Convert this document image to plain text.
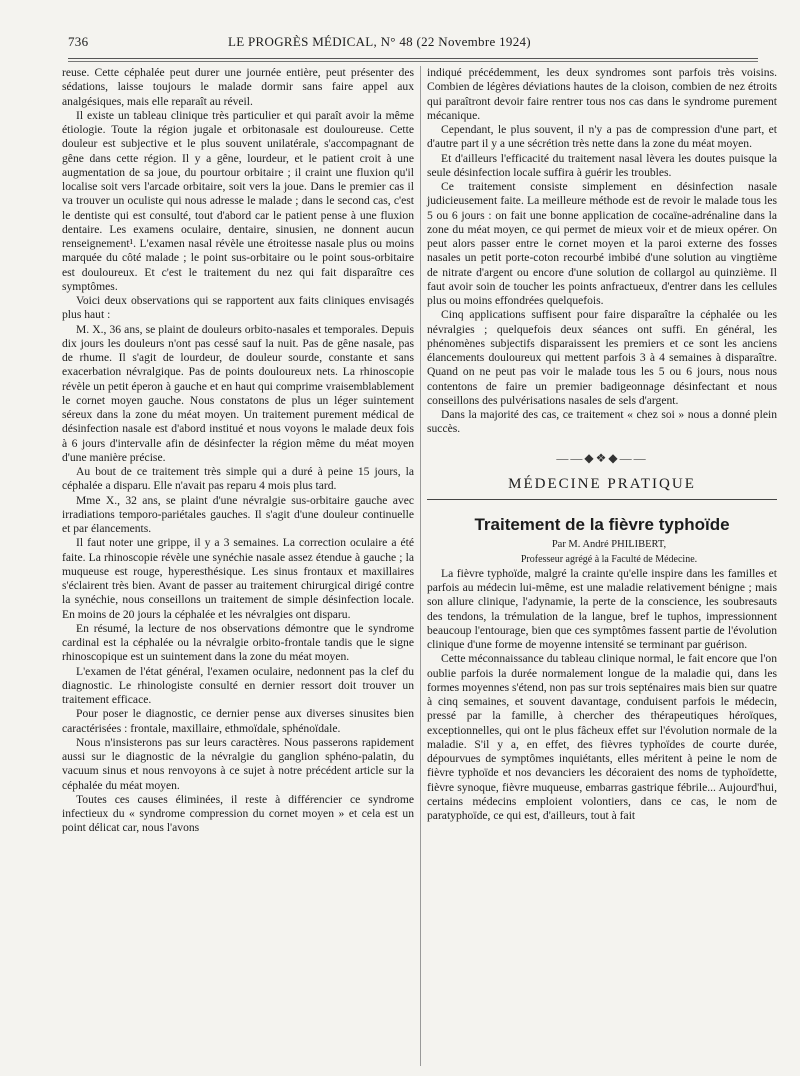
736	LE PROGRÈS MÉDICAL, N° 48 (22 Novembre 1924)

reuse. Cette céphalée peut durer une journée entière, peut présenter des sédations, laisse toujours le malade dormir sans faire appel aux analgésiques, mais elle reparaît au réveil.

Il existe un tableau clinique très particulier et qui paraît avoir la même étiologie. Toute la région jugale et orbitonasale est douloureuse. Cette douleur est subjective et le plus souvent unilatérale, s'accompagnant de gêne dans cette région. Il y a gêne, lourdeur, et le patient croit à une augmentation de sa joue, du pourtour orbitaire ; il craint une fluxion qu'il localise soit vers l'arcade orbitaire, soit vers la joue. Dans le premier cas il va trouver un oculiste qui nous adresse le malade ; dans le second cas, c'est le dentiste qui est consulté, tout d'abord car le patient pense à une fluxion dentaire. Les examens oculaire, dentaire, sinusien, ne donnent aucun renseignement¹. L'examen nasal révèle une étroitesse nasale plus ou moins marquée du côté malade ; le point sus-orbitaire ou le point sous-orbitaire est douloureux. Et c'est le traitement du nez qui fait disparaître ces symptômes.

Voici deux observations qui se rapportent aux faits cliniques envisagés plus haut :

M. X., 36 ans, se plaint de douleurs orbito-nasales et temporales. Depuis dix jours les douleurs n'ont pas cessé sauf la nuit. Pas de gêne nasale, pas de rhume. Il s'agit de lourdeur, de douleur sourde, constante et sans exacerbation névralgique. Pas de points douloureux nets. La rhinoscopie révèle un petit éperon à gauche et en haut qui comprime vraisemblablement le cornet moyen gauche. Nous constatons de plus un léger suintement séreux dans la zone du méat moyen. Un traitement purement médical de désinfection nasale est d'abord institué et nous voyons le malade deux fois à 6 jours d'intervalle afin de désinfecter la région même du méat moyen d'une manière précise.

Au bout de ce traitement très simple qui a duré à peine 15 jours, la céphalée a disparu. Elle n'avait pas reparu 4 mois plus tard.

Mme X., 32 ans, se plaint d'une névralgie sus-orbitaire gauche avec irradiations temporo-pariétales gauches. Il s'agit d'une douleur continuelle et par élancements.

Il faut noter une grippe, il y a 3 semaines. La correction oculaire a été faite. La rhinoscopie révèle une synéchie nasale assez étendue à gauche ; la muqueuse est rouge, hyperesthésique. Les sinus frontaux et maxillaires s'éclairent très bien. Avant de passer au traitement chirurgical dirigé contre la synéchie, nous conseillons un traitement de simple désinfection locale. En moins de 20 jours la céphalée et les névralgies ont disparu.

En résumé, la lecture de nos observations démontre que le syndrome cardinal est la céphalée ou la névralgie orbito-frontale tandis que le signe rhinoscopique est un suintement dans la zone du méat moyen.

L'examen de l'état général, l'examen oculaire, nedonnent pas la clef du diagnostic. Le rhinologiste consulté en dernier ressort doit trouver un traitement efficace.

Pour poser le diagnostic, ce dernier pense aux diverses sinusites bien caractérisées : frontale, maxillaire, ethmoïdale, sphénoïdale.

Nous n'insisterons pas sur leurs caractères. Nous passerons rapidement aussi sur le diagnostic de la névralgie du ganglion sphéno-palatin, du vacuum sinus et nous renvoyons à ce sujet à notre précédent article sur la céphalée du méat moyen.

Toutes ces causes éliminées, il reste à différencier ce syndrome infectieux du « syndrome compression du cornet moyen » et cela est un point délicat car, nous l'avons

indiqué précédemment, les deux syndromes sont parfois très voisins. Combien de légères déviations hautes de la cloison, combien de nez étroits qui paraîtront devoir faire rentrer tous nos cas dans le syndrome purement mécanique.

Cependant, le plus souvent, il n'y a pas de compression d'une part, et d'autre part il y a une sécrétion très nette dans la zone du méat moyen.

Et d'ailleurs l'efficacité du traitement nasal lèvera les doutes puisque la seule désinfection locale suffira à guérir les troubles.

Ce traitement consiste simplement en désinfection nasale judicieusement faite. La meilleure méthode est de revoir le malade tous les 5 ou 6 jours : on fait une bonne application de cocaïne-adrénaline dans la zone du méat moyen, ce qui permet de mieux voir et de mieux opérer. On peut alors passer entre le cornet moyen et la paroi externe des fosses nasales un petit porte-coton recourbé imbibé d'une solution au vingtième de nitrate d'argent ou encore d'une solution de collargol au quinzième. Il faut avoir soin de toucher les points anfractueux, d'entrer dans les cellules plus ou moins effondrées quelquefois.

Cinq applications suffisent pour faire disparaître la céphalée ou les névralgies ; quelquefois deux séances ont suffi. En général, les phénomènes subjectifs disparaissent les premiers et ce sont les anciens élancements douloureux qui mettent parfois 3 à 4 semaines à disparaître. Quand on ne peut pas voir le malade tous les 5 ou 6 jours, nous nous contentons de faire un premier badigeonnage désinfectant et nous conseillons des pulvérisations nasales de sels d'argent.

Dans la majorité des cas, ce traitement « chez soi » nous a donné plein succès.

——◆❖◆——
MÉDECINE PRATIQUE
Traitement de la fièvre typhoïde

Par M. André PHILIBERT,

Professeur agrégé à la Faculté de Médecine.

La fièvre typhoïde, malgré la crainte qu'elle inspire dans les familles et parfois au médecin lui-même, est une maladie relativement bénigne ; mais son allure clinique, l'adynamie, la perte de la conscience, les soubresauts des tendons, la trémulation de la langue, bref le tuphos, impressionnent beaucoup l'entourage, bien que ces symptômes fassent partie de l'évolution clinique d'une forme de moyenne intensité se terminant par guérison.

Cette méconnaissance du tableau clinique normal, le fait encore que l'on oublie parfois la durée normalement longue de la maladie qui, dans les formes moyennes s'étend, non pas sur trois septénaires mais bien sur quatre à cinq semaines, et souvent davantage, conduisent parfois le médecin, pressé par la famille, à chercher des thérapeutiques héroïques, exceptionnelles, qui ont le plus fâcheux effet sur l'évolution normale de la maladie. S'il y a, en effet, des fièvres typhoïdes de courte durée, dépourvues de symptômes inquiétants, elles méritent à peine le nom de fièvre typhoïde et nos devanciers les décoraient des noms de typhoïdette, fièvre synoque, fièvre muqueuse, embarras gastrique fébrile... Aujourd'hui, certains médecins emploient volontiers, dans ce cas, le nom de paratyphoïde, ce qui est, d'ailleurs, tout à fait
